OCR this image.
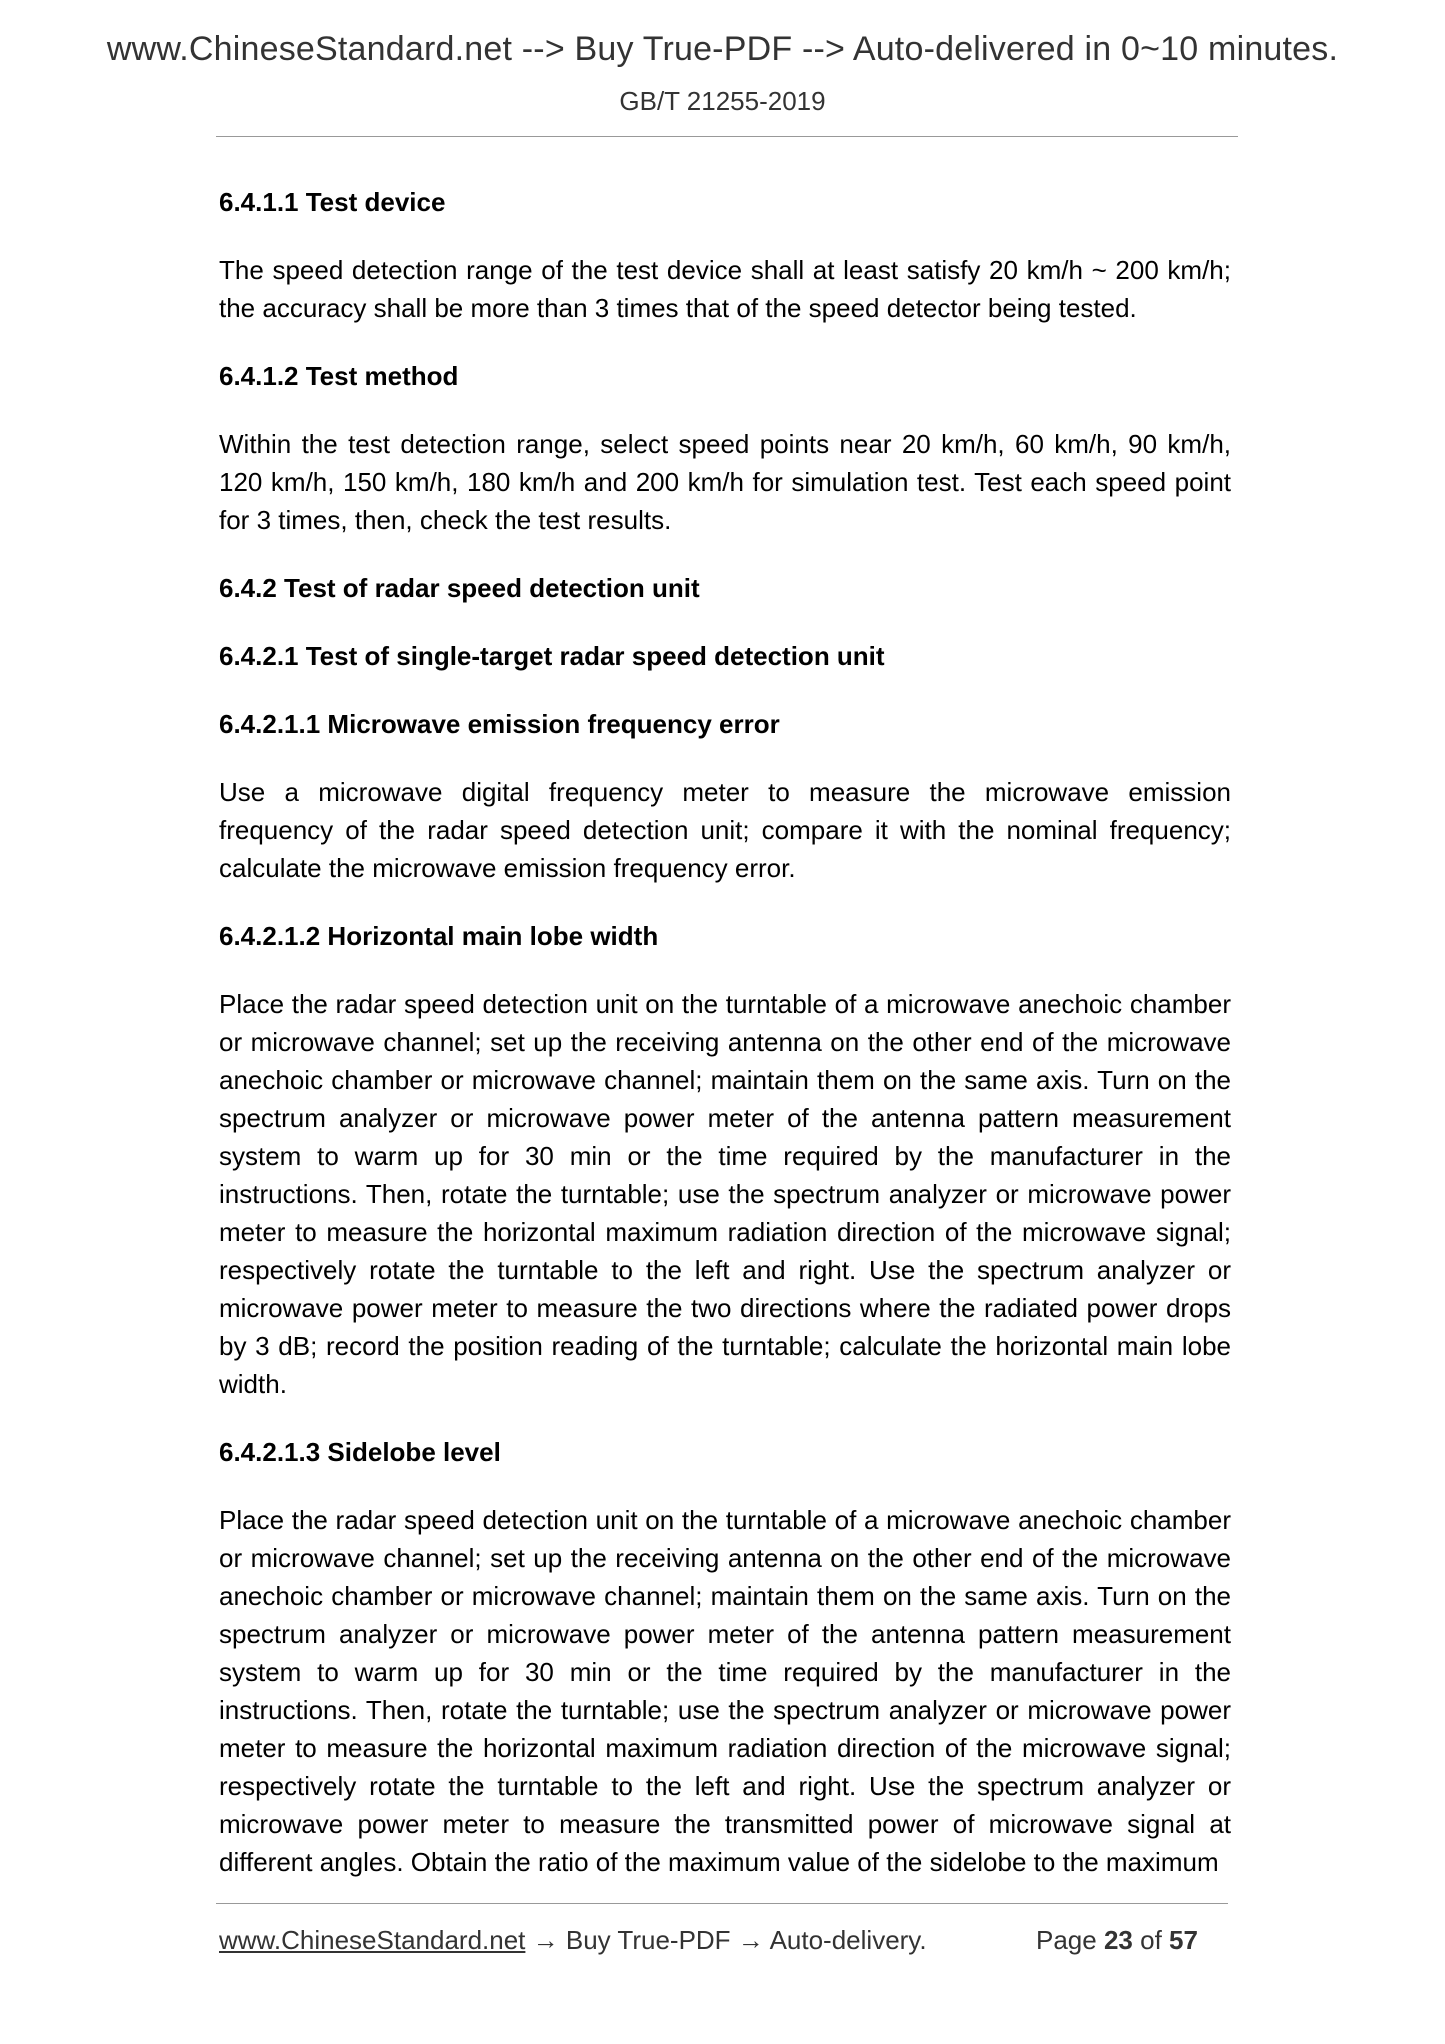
www.ChineseStandard.net --> Buy True-PDF --> Auto-delivered in 0~10 minutes.
GB/T 21255-2019
6.4.1.1 Test device
The speed detection range of the test device shall at least satisfy 20 km/h ~ 200 km/h; the accuracy shall be more than 3 times that of the speed detector being tested.
6.4.1.2 Test method
Within the test detection range, select speed points near 20 km/h, 60 km/h, 90 km/h, 120 km/h, 150 km/h, 180 km/h and 200 km/h for simulation test. Test each speed point for 3 times, then, check the test results.
6.4.2 Test of radar speed detection unit
6.4.2.1 Test of single-target radar speed detection unit
6.4.2.1.1 Microwave emission frequency error
Use a microwave digital frequency meter to measure the microwave emission frequency of the radar speed detection unit; compare it with the nominal frequency; calculate the microwave emission frequency error.
6.4.2.1.2 Horizontal main lobe width
Place the radar speed detection unit on the turntable of a microwave anechoic chamber or microwave channel; set up the receiving antenna on the other end of the microwave anechoic chamber or microwave channel; maintain them on the same axis. Turn on the spectrum analyzer or microwave power meter of the antenna pattern measurement system to warm up for 30 min or the time required by the manufacturer in the instructions. Then, rotate the turntable; use the spectrum analyzer or microwave power meter to measure the horizontal maximum radiation direction of the microwave signal; respectively rotate the turntable to the left and right. Use the spectrum analyzer or microwave power meter to measure the two directions where the radiated power drops by 3 dB; record the position reading of the turntable; calculate the horizontal main lobe width.
6.4.2.1.3 Sidelobe level
Place the radar speed detection unit on the turntable of a microwave anechoic chamber or microwave channel; set up the receiving antenna on the other end of the microwave anechoic chamber or microwave channel; maintain them on the same axis. Turn on the spectrum analyzer or microwave power meter of the antenna pattern measurement system to warm up for 30 min or the time required by the manufacturer in the instructions. Then, rotate the turntable; use the spectrum analyzer or microwave power meter to measure the horizontal maximum radiation direction of the microwave signal; respectively rotate the turntable to the left and right. Use the spectrum analyzer or microwave power meter to measure the transmitted power of microwave signal at different angles. Obtain the ratio of the maximum value of the sidelobe to the maximum
www.ChineseStandard.net → Buy True-PDF → Auto-delivery.	Page 23 of 57
